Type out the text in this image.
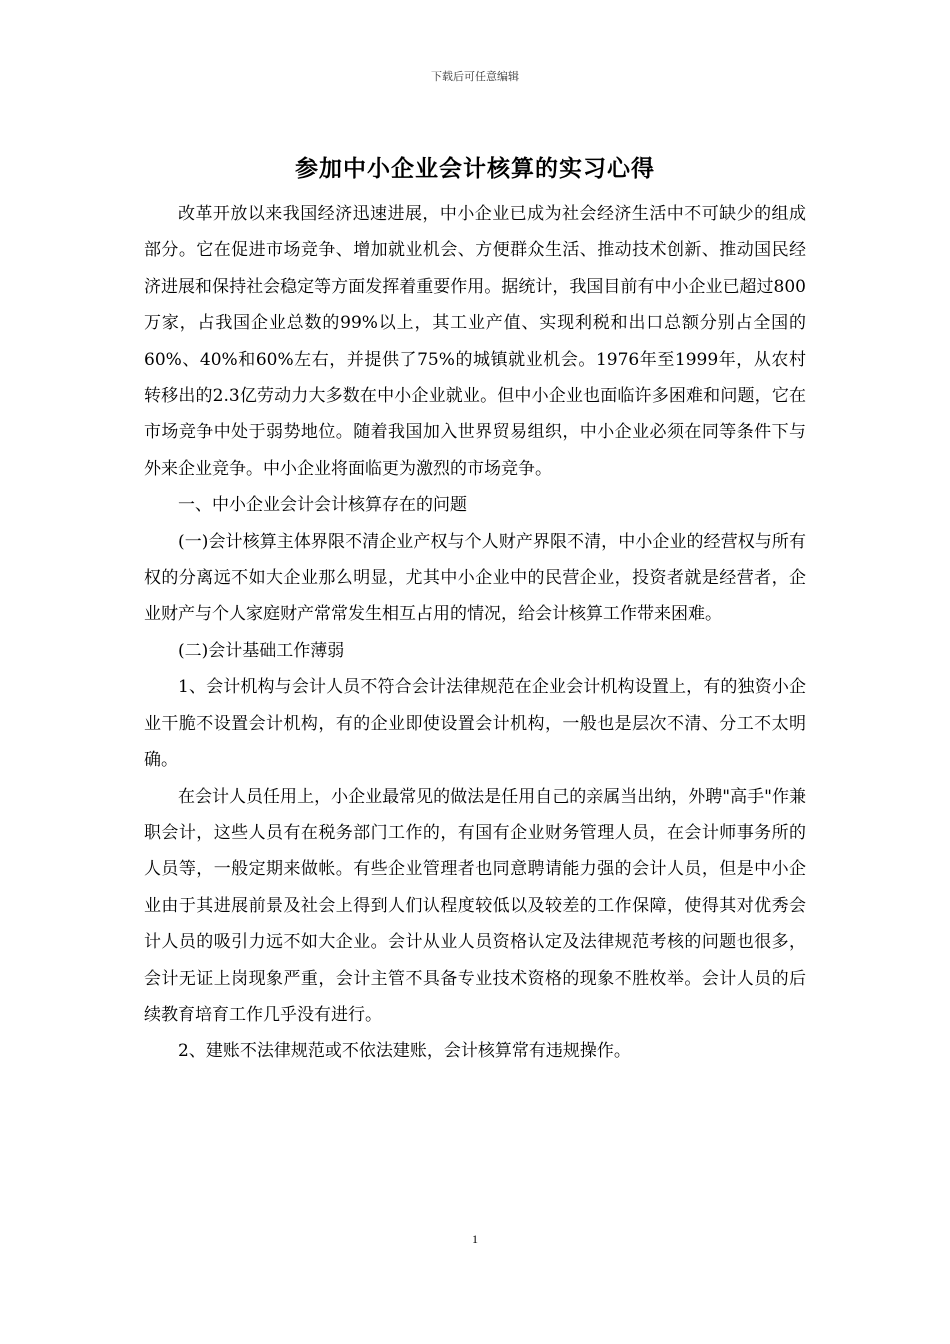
下载后可任意编辑
参加中小企业会计核算的实习心得

改革开放以来我国经济迅速进展，中小企业已成为社会经济生活中不可缺少的组成部分。它在促进市场竞争、增加就业机会、方便群众生活、推动技术创新、推动国民经济进展和保持社会稳定等方面发挥着重要作用。据统计，我国目前有中小企业已超过800万家，占我国企业总数的99%以上，其工业产值、实现利税和出口总额分别占全国的60%、40%和60%左右，并提供了75%的城镇就业机会。1976年至1999年，从农村转移出的2.3亿劳动力大多数在中小企业就业。但中小企业也面临许多困难和问题，它在市场竞争中处于弱势地位。随着我国加入世界贸易组织，中小企业必须在同等条件下与外来企业竞争。中小企业将面临更为激烈的市场竞争。

一、中小企业会计会计核算存在的问题

(一)会计核算主体界限不清企业产权与个人财产界限不清，中小企业的经营权与所有权的分离远不如大企业那么明显，尤其中小企业中的民营企业，投资者就是经营者，企业财产与个人家庭财产常常发生相互占用的情况，给会计核算工作带来困难。

(二)会计基础工作薄弱

1、会计机构与会计人员不符合会计法律规范在企业会计机构设置上，有的独资小企业干脆不设置会计机构，有的企业即使设置会计机构，一般也是层次不清、分工不太明确。

在会计人员任用上，小企业最常见的做法是任用自己的亲属当出纳，外聘"高手"作兼职会计，这些人员有在税务部门工作的，有国有企业财务管理人员，在会计师事务所的人员等，一般定期来做帐。有些企业管理者也同意聘请能力强的会计人员，但是中小企业由于其进展前景及社会上得到人们认程度较低以及较差的工作保障，使得其对优秀会计人员的吸引力远不如大企业。会计从业人员资格认定及法律规范考核的问题也很多，会计无证上岗现象严重，会计主管不具备专业技术资格的现象不胜枚举。会计人员的后续教育培育工作几乎没有进行。

2、建账不法律规范或不依法建账，会计核算常有违规操作。

1
